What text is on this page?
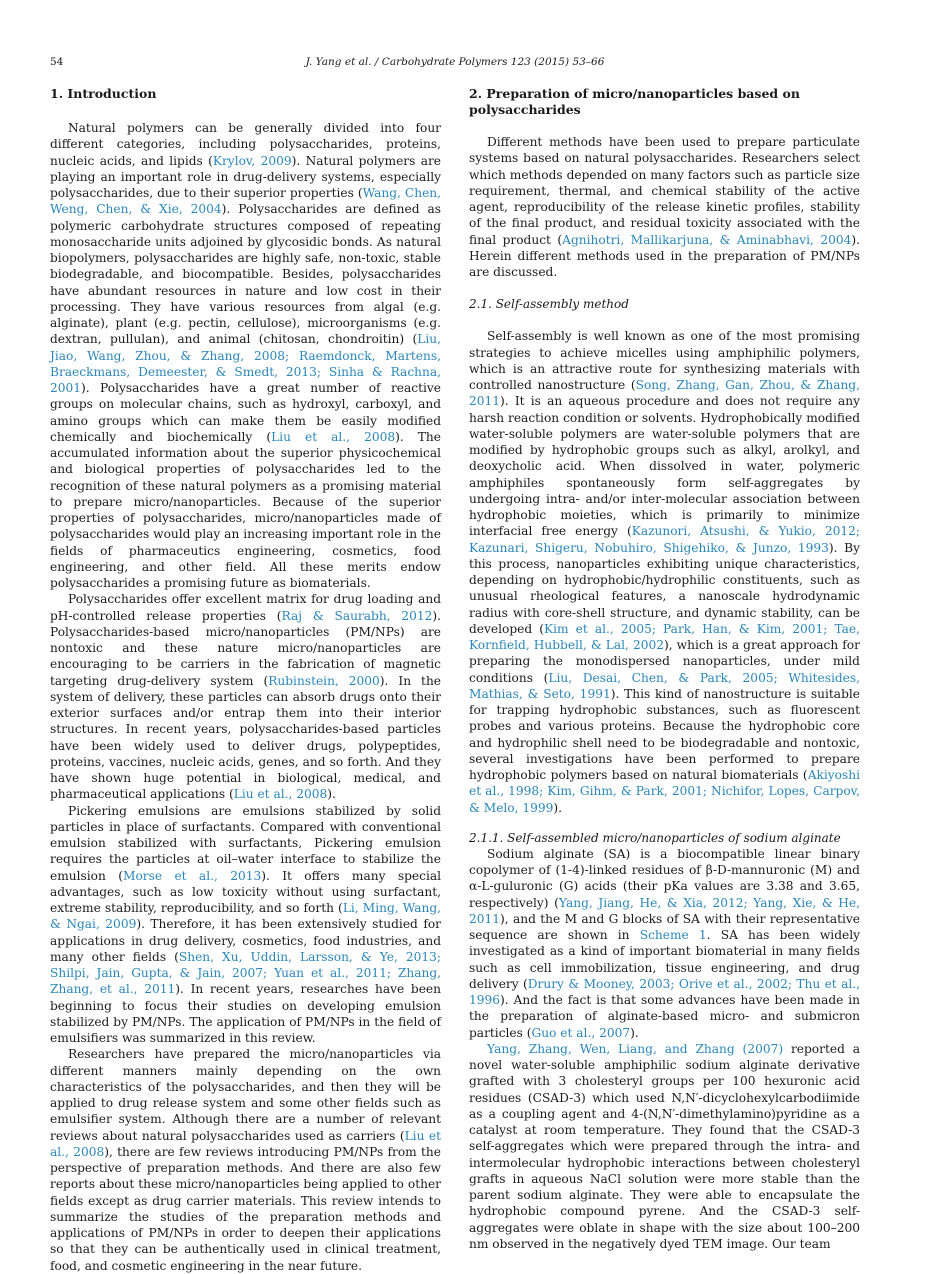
54	J. Yang et al. / Carbohydrate Polymers 123 (2015) 53–66
1. Introduction

Natural polymers can be generally divided into four different categories, including polysaccharides, proteins, nucleic acids, and lipids (Krylov, 2009). Natural polymers are playing an important role in drug-delivery systems, especially polysaccharides, due to their superior properties (Wang, Chen, Weng, Chen, & Xie, 2004). Polysaccharides are defined as polymeric carbohydrate structures composed of repeating monosaccharide units adjoined by glycosidic bonds. As natural biopolymers, polysaccharides are highly safe, non-toxic, stable biodegradable, and biocompatible. Besides, polysaccharides have abundant resources in nature and low cost in their processing. They have various resources from algal (e.g. alginate), plant (e.g. pectin, cellulose), microorganisms (e.g. dextran, pullulan), and animal (chitosan, chondroitin) (Liu, Jiao, Wang, Zhou, & Zhang, 2008; Raemdonck, Martens, Braeckmans, Demeester, & Smedt, 2013; Sinha & Rachna, 2001). Polysaccharides have a great number of reactive groups on molecular chains, such as hydroxyl, carboxyl, and amino groups which can make them be easily modified chemically and biochemically (Liu et al., 2008). The accumulated information about the superior physicochemical and biological properties of polysaccharides led to the recognition of these natural polymers as a promising material to prepare micro/nanoparticles. Because of the superior properties of polysaccharides, micro/nanoparticles made of polysaccharides would play an increasing important role in the fields of pharmaceutics engineering, cosmetics, food engineering, and other field. All these merits endow polysaccharides a promising future as biomaterials.

Polysaccharides offer excellent matrix for drug loading and pH-controlled release properties (Raj & Saurabh, 2012). Polysaccharides-based micro/nanoparticles (PM/NPs) are nontoxic and these nature micro/nanoparticles are encouraging to be carriers in the fabrication of magnetic targeting drug-delivery system (Rubinstein, 2000). In the system of delivery, these particles can absorb drugs onto their exterior surfaces and/or entrap them into their interior structures. In recent years, polysaccharides-based particles have been widely used to deliver drugs, polypeptides, proteins, vaccines, nucleic acids, genes, and so forth. And they have shown huge potential in biological, medical, and pharmaceutical applications (Liu et al., 2008).

Pickering emulsions are emulsions stabilized by solid particles in place of surfactants. Compared with conventional emulsion stabilized with surfactants, Pickering emulsion requires the particles at oil–water interface to stabilize the emulsion (Morse et al., 2013). It offers many special advantages, such as low toxicity without using surfactant, extreme stability, reproducibility, and so forth (Li, Ming, Wang, & Ngai, 2009). Therefore, it has been extensively studied for applications in drug delivery, cosmetics, food industries, and many other fields (Shen, Xu, Uddin, Larsson, & Ye, 2013; Shilpi, Jain, Gupta, & Jain, 2007; Yuan et al., 2011; Zhang, Zhang, et al., 2011). In recent years, researches have been beginning to focus their studies on developing emulsion stabilized by PM/NPs. The application of PM/NPs in the field of emulsifiers was summarized in this review.

Researchers have prepared the micro/nanoparticles via different manners mainly depending on the own characteristics of the polysaccharides, and then they will be applied to drug release system and some other fields such as emulsifier system. Although there are a number of relevant reviews about natural polysaccharides used as carriers (Liu et al., 2008), there are few reviews introducing PM/NPs from the perspective of preparation methods. And there are also few reports about these micro/nanoparticles being applied to other fields except as drug carrier materials. This review intends to summarize the studies of the preparation methods and applications of PM/NPs in order to deepen their applications so that they can be authentically used in clinical treatment, food, and cosmetic engineering in the near future.

2. Preparation of micro/nanoparticles based on polysaccharides

Different methods have been used to prepare particulate systems based on natural polysaccharides. Researchers select which methods depended on many factors such as particle size requirement, thermal, and chemical stability of the active agent, reproducibility of the release kinetic profiles, stability of the final product, and residual toxicity associated with the final product (Agnihotri, Mallikarjuna, & Aminabhavi, 2004). Herein different methods used in the preparation of PM/NPs are discussed.

2.1. Self-assembly method

Self-assembly is well known as one of the most promising strategies to achieve micelles using amphiphilic polymers, which is an attractive route for synthesizing materials with controlled nanostructure (Song, Zhang, Gan, Zhou, & Zhang, 2011). It is an aqueous procedure and does not require any harsh reaction condition or solvents. Hydrophobically modified water-soluble polymers are water-soluble polymers that are modified by hydrophobic groups such as alkyl, arolkyl, and deoxycholic acid. When dissolved in water, polymeric amphiphiles spontaneously form self-aggregates by undergoing intra- and/or inter-molecular association between hydrophobic moieties, which is primarily to minimize interfacial free energy (Kazunori, Atsushi, & Yukio, 2012; Kazunari, Shigeru, Nobuhiro, Shigehiko, & Junzo, 1993). By this process, nanoparticles exhibiting unique characteristics, depending on hydrophobic/hydrophilic constituents, such as unusual rheological features, a nanoscale hydrodynamic radius with core-shell structure, and dynamic stability, can be developed (Kim et al., 2005; Park, Han, & Kim, 2001; Tae, Kornfield, Hubbell, & Lal, 2002), which is a great approach for preparing the monodispersed nanoparticles, under mild conditions (Liu, Desai, Chen, & Park, 2005; Whitesides, Mathias, & Seto, 1991). This kind of nanostructure is suitable for trapping hydrophobic substances, such as fluorescent probes and various proteins. Because the hydrophobic core and hydrophilic shell need to be biodegradable and nontoxic, several investigations have been performed to prepare hydrophobic polymers based on natural biomaterials (Akiyoshi et al., 1998; Kim, Gihm, & Park, 2001; Nichifor, Lopes, Carpov, & Melo, 1999).

2.1.1. Self-assembled micro/nanoparticles of sodium alginate

Sodium alginate (SA) is a biocompatible linear binary copolymer of (1-4)-linked residues of β-D-mannuronic (M) and α-L-guluronic (G) acids (their pKa values are 3.38 and 3.65, respectively) (Yang, Jiang, He, & Xia, 2012; Yang, Xie, & He, 2011), and the M and G blocks of SA with their representative sequence are shown in Scheme 1. SA has been widely investigated as a kind of important biomaterial in many fields such as cell immobilization, tissue engineering, and drug delivery (Drury & Mooney, 2003; Orive et al., 2002; Thu et al., 1996). And the fact is that some advances have been made in the preparation of alginate-based micro- and submicron particles (Guo et al., 2007).

Yang, Zhang, Wen, Liang, and Zhang (2007) reported a novel water-soluble amphiphilic sodium alginate derivative grafted with 3 cholesteryl groups per 100 hexuronic acid residues (CSAD-3) which used N,N′-dicyclohexylcarbodiimide as a coupling agent and 4-(N,N′-dimethylamino)pyridine as a catalyst at room temperature. They found that the CSAD-3 self-aggregates which were prepared through the intra- and intermolecular hydrophobic interactions between cholesteryl grafts in aqueous NaCl solution were more stable than the parent sodium alginate. They were able to encapsulate the hydrophobic compound pyrene. And the CSAD-3 self-aggregates were oblate in shape with the size about 100–200 nm observed in the negatively dyed TEM image. Our team
